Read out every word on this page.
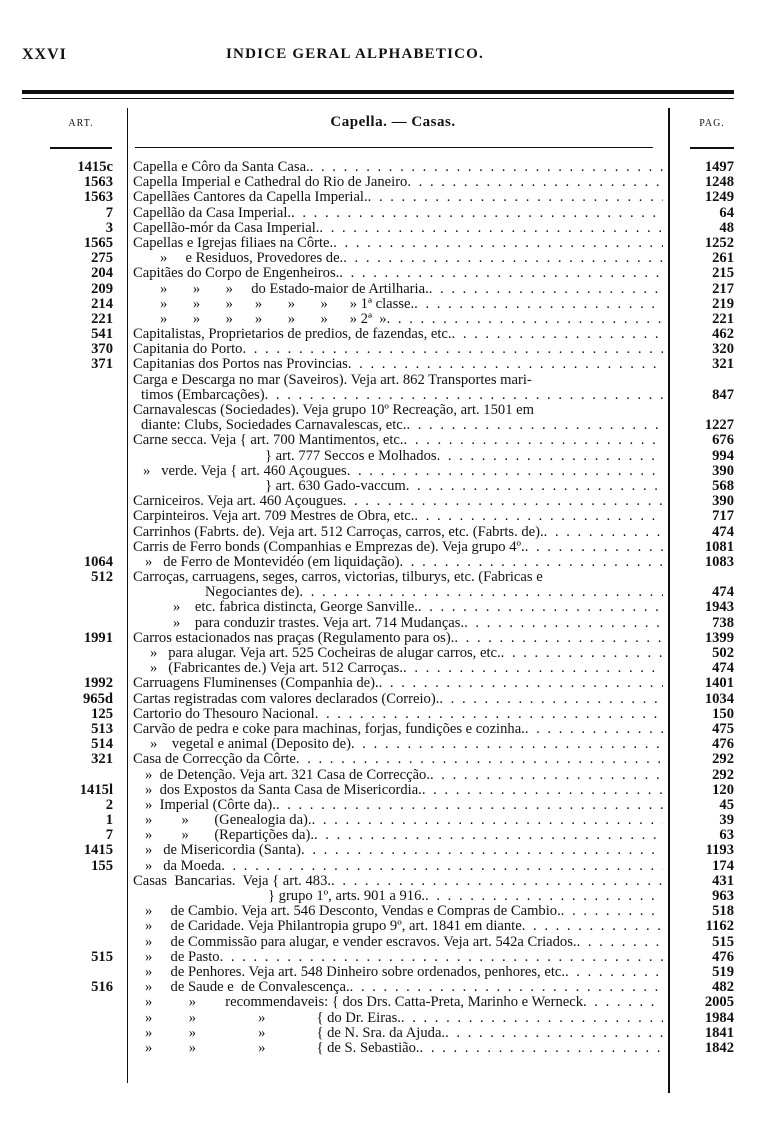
XXVI	INDICE GERAL ALPHABETICO.
ART.	Capella. — Casas.	PAG.
1415c Capella e Côro da Santa Casa. . . .	1497
1563 Capella Imperial e Cathedral do Rio de Janeiro . . .	1248
1563 Capellães Cantores da Capella Imperial. . . .	1249
7 Capellão da Casa Imperial. . . .	64
3 Capellão-mór da Casa Imperial. . . .	48
1565 Capellas e Igrejas filiaes na Côrte. . . .	1252
275	»     e Residuos, Provedores de. . . .	261
204 Capitães do Corpo de Engenheiros. . . .	215
209	»       »       »     do Estado-maior de Artilharia. . . .	217
214	»       »       »      »       »       »      » 1ª classe. . . .	219
221	»       »       »      »       »       »      » 2ª  » . . .	221
541 Capitalistas, Proprietarios de predios, de fazendas, etc. . . .	462
370 Capitania do Porto . . .	320
371 Capitanias dos Portos nas Provincias . . .	321
Carga e Descarga no mar (Saveiros). Veja art. 862 Transportes mari-
timos (Embarcações) . . .	847
Carnavalescas (Sociedades). Veja grupo 10º Recreação, art. 1501 em
diante: Clubs, Sociedades Carnavalescas, etc. . . .	1227
Carne secca. Veja { art. 700 Mantimentos, etc. . . .	676
} art. 777 Seccos e Molhados . . .	994
»   verde. Veja { art. 460 Açougues . . .	390
} art. 630 Gado-vaccum . . .	568
Carniceiros. Veja art. 460 Açougues . . .	390
Carpinteiros. Veja art. 709 Mestres de Obra, etc. . . .	717
Carrinhos (Fabrts. de). Veja art. 512 Carroças, carros, etc. (Fabrts. de). . . .	474
Carris de Ferro bonds (Companhias e Emprezas de). Veja grupo 4º. . . .	1081
1064 »   de Ferro de Montevidéo (em liquidação) . . .	1083
512 Carroças, carruagens, seges, carros, victorias, tilburys, etc. (Fabricas e
Negociantes de) . . .	474
»    etc. fabrica distincta, George Sanville. . . .	1943
»    para conduzir trastes. Veja art. 714 Mudanças. . . .	738
1991 Carros estacionados nas praças (Regulamento para os). . . .	1399
»   para alugar. Veja art. 525 Cocheiras de alugar carros, etc. . . .	502
»   (Fabricantes de.) Veja art. 512 Carroças. . . .	474
1992 Carruagens Fluminenses (Companhia de). . . .	1401
965d Cartas registradas com valores declarados (Correio). . . .	1034
125 Cartorio do Thesouro Nacional . . .	150
513 Carvão de pedra e coke para machinas, forjas, fundições e cozinha. . . .	475
514	»    vegetal e animal (Deposito de) . . .	476
321 Casa de Correcção da Côrte . . .	292
»  de Detenção. Veja art. 321 Casa de Correcção. . . .	292
1415l »  dos Expostos da Santa Casa de Misericordia. . . .	120
2 »  Imperial (Côrte da). . . .	45
1 »        »       (Genealogia da). . . .	39
7 »        »       (Repartições da). . . .	63
1415 »   de Misericordia (Santa) . . .	1193
155 »   da Moeda . . .	174
Casas  Bancarias.  Veja { art. 483. . . .	431
} grupo 1º, arts. 901 a 916. . . .	963
»     de Cambio. Veja art. 546 Desconto, Vendas e Compras de Cambio. . . .	518
»     de Caridade. Veja Philantropia grupo 9º, art. 1841 em diante . . .	1162
»     de Commissão para alugar, e vender escravos. Veja art. 542a Criados. . . .	515
515 »     de Pasto . . .	476
»     de Penhores. Veja art. 548 Dinheiro sobre ordenados, penhores, etc. . . .	519
516 »     de Saude e  de Convalescença. . . .	482
»          »        recommendaveis: { dos Drs. Catta-Preta, Marinho e Werneck . . .	2005
»          »                 »              { do Dr. Eiras. . . .	1984
»          »                 »              { de N. Sra. da Ajuda. . . .	1841
»          »                 »              { de S. Sebastião. . . .	1842
